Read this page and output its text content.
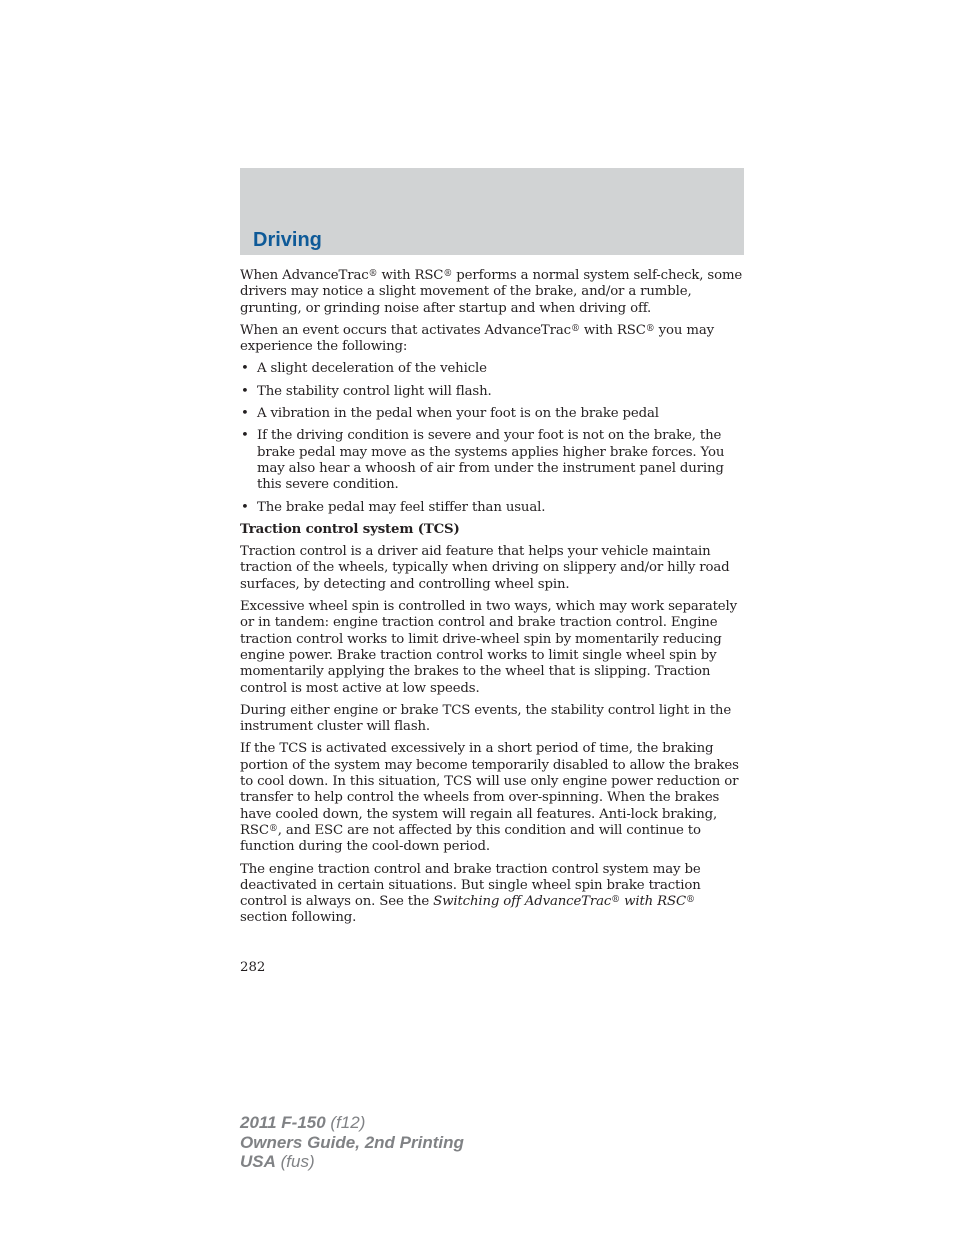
Driving

When AdvanceTrac® with RSC® performs a normal system self-check, some drivers may notice a slight movement of the brake, and/or a rumble, grunting, or grinding noise after startup and when driving off.

When an event occurs that activates AdvanceTrac® with RSC® you may experience the following:

• A slight deceleration of the vehicle
• The stability control light will flash.
• A vibration in the pedal when your foot is on the brake pedal
• If the driving condition is severe and your foot is not on the brake, the brake pedal may move as the systems applies higher brake forces. You may also hear a whoosh of air from under the instrument panel during this severe condition.
• The brake pedal may feel stiffer than usual.
Traction control system (TCS)

Traction control is a driver aid feature that helps your vehicle maintain traction of the wheels, typically when driving on slippery and/or hilly road surfaces, by detecting and controlling wheel spin.

Excessive wheel spin is controlled in two ways, which may work separately or in tandem: engine traction control and brake traction control. Engine traction control works to limit drive-wheel spin by momentarily reducing engine power. Brake traction control works to limit single wheel spin by momentarily applying the brakes to the wheel that is slipping. Traction control is most active at low speeds.

During either engine or brake TCS events, the stability control light in the instrument cluster will flash.

If the TCS is activated excessively in a short period of time, the braking portion of the system may become temporarily disabled to allow the brakes to cool down. In this situation, TCS will use only engine power reduction or transfer to help control the wheels from over-spinning. When the brakes have cooled down, the system will regain all features. Anti-lock braking, RSC®, and ESC are not affected by this condition and will continue to function during the cool-down period.

The engine traction control and brake traction control system may be deactivated in certain situations. But single wheel spin brake traction control is always on. See the Switching off AdvanceTrac® with RSC® section following.

282
2011 F-150 (f12)
Owners Guide, 2nd Printing
USA (fus)
